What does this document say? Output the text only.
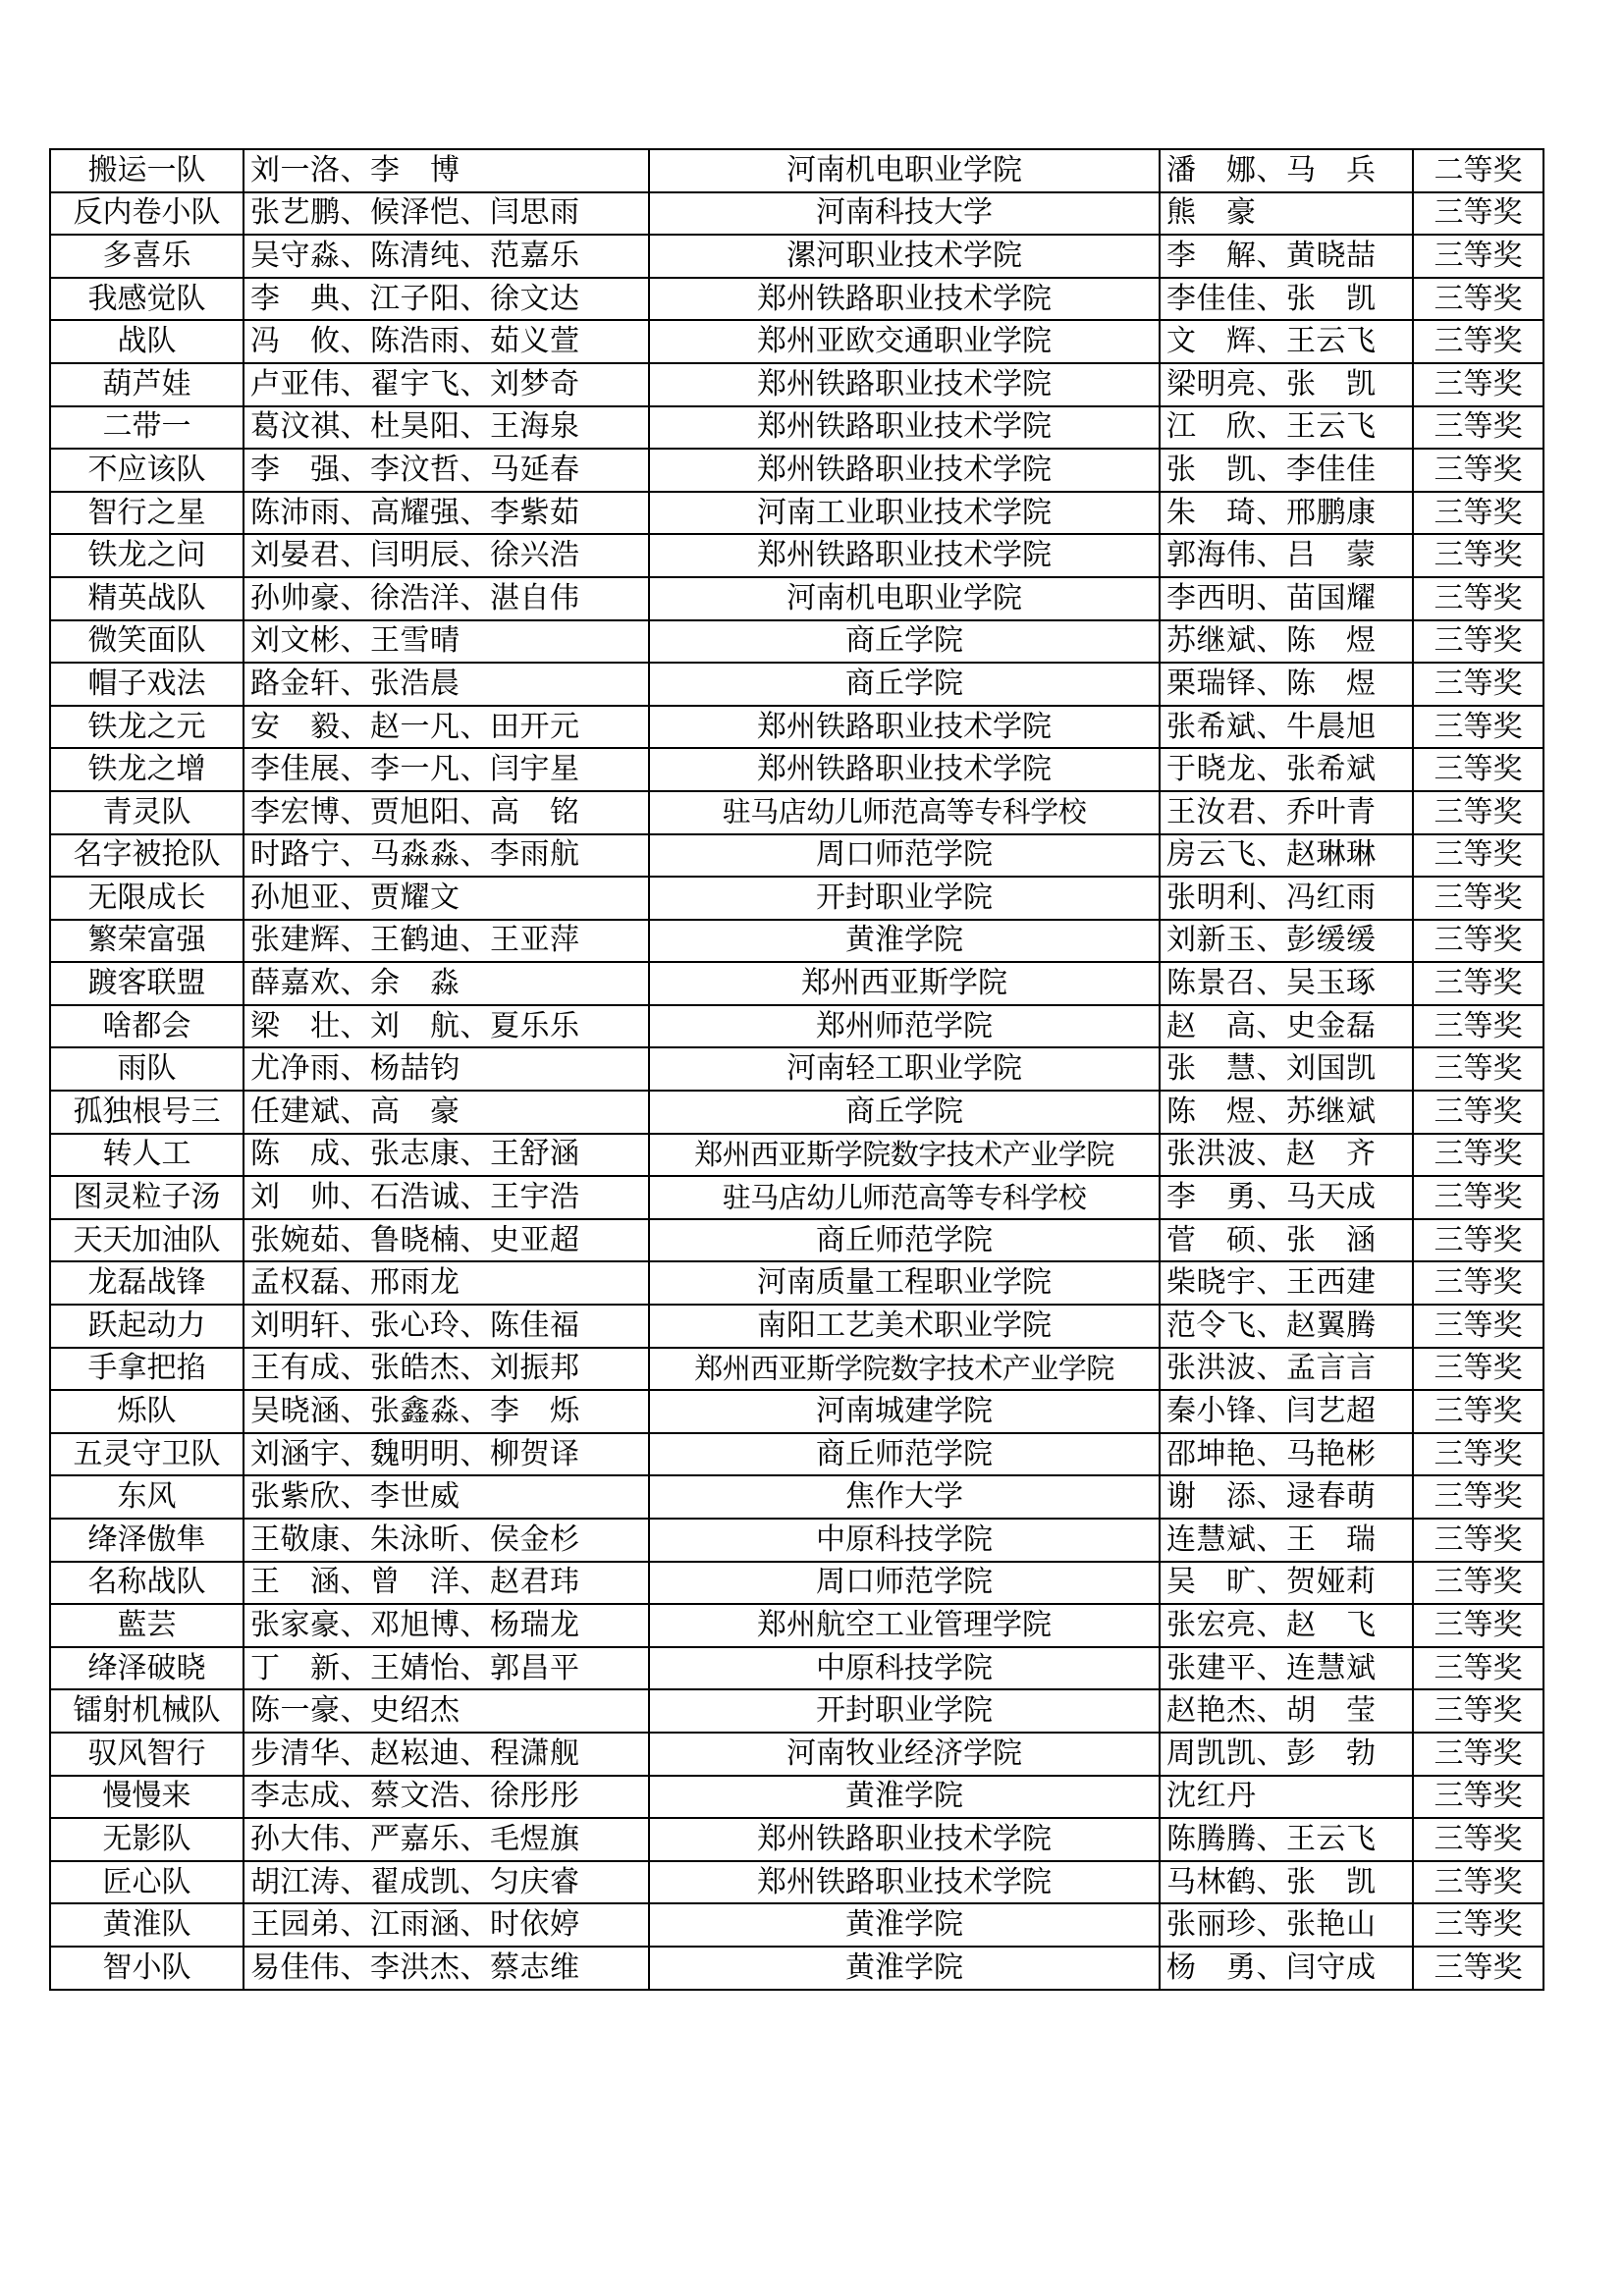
搬运一队	刘一洛、李　博	河南机电职业学院	潘　娜、马　兵	二等奖
反内卷小队	张艺鹏、候泽恺、闫思雨	河南科技大学	熊　豪	三等奖
多喜乐	吴守淼、陈清纯、范嘉乐	漯河职业技术学院	李　解、黄晓喆	三等奖
我感觉队	李　典、江子阳、徐文达	郑州铁路职业技术学院	李佳佳、张　凯	三等奖
战队	冯　攸、陈浩雨、茹义萱	郑州亚欧交通职业学院	文　辉、王云飞	三等奖
葫芦娃	卢亚伟、翟宇飞、刘梦奇	郑州铁路职业技术学院	梁明亮、张　凯	三等奖
二带一	葛汶祺、杜昊阳、王海泉	郑州铁路职业技术学院	江　欣、王云飞	三等奖
不应该队	李　强、李汶哲、马延春	郑州铁路职业技术学院	张　凯、李佳佳	三等奖
智行之星	陈沛雨、高耀强、李紫茹	河南工业职业技术学院	朱　琦、邢鹏康	三等奖
铁龙之问	刘晏君、闫明辰、徐兴浩	郑州铁路职业技术学院	郭海伟、吕　蒙	三等奖
精英战队	孙帅豪、徐浩洋、湛自伟	河南机电职业学院	李西明、苗国耀	三等奖
微笑面队	刘文彬、王雪晴	商丘学院	苏继斌、陈　煜	三等奖
帽子戏法	路金轩、张浩晨	商丘学院	栗瑞铎、陈　煜	三等奖
铁龙之元	安　毅、赵一凡、田开元	郑州铁路职业技术学院	张希斌、牛晨旭	三等奖
铁龙之增	李佳展、李一凡、闫宇星	郑州铁路职业技术学院	于晓龙、张希斌	三等奖
青灵队	李宏博、贾旭阳、高　铭	驻马店幼儿师范高等专科学校	王汝君、乔叶青	三等奖
名字被抢队	时路宁、马淼淼、李雨航	周口师范学院	房云飞、赵琳琳	三等奖
无限成长	孙旭亚、贾耀文	开封职业学院	张明利、冯红雨	三等奖
繁荣富强	张建辉、王鹤迪、王亚萍	黄淮学院	刘新玉、彭缓缓	三等奖
踱客联盟	薛嘉欢、余　淼	郑州西亚斯学院	陈景召、吴玉琢	三等奖
啥都会	梁　壮、刘　航、夏乐乐	郑州师范学院	赵　高、史金磊	三等奖
雨队	尤净雨、杨喆钧	河南轻工职业学院	张　慧、刘国凯	三等奖
孤独根号三	任建斌、高　豪	商丘学院	陈　煜、苏继斌	三等奖
转人工	陈　成、张志康、王舒涵	郑州西亚斯学院数字技术产业学院	张洪波、赵　齐	三等奖
图灵粒子汤	刘　帅、石浩诚、王宇浩	驻马店幼儿师范高等专科学校	李　勇、马天成	三等奖
天天加油队	张婉茹、鲁晓楠、史亚超	商丘师范学院	菅　硕、张　涵	三等奖
龙磊战锋	孟权磊、邢雨龙	河南质量工程职业学院	柴晓宇、王西建	三等奖
跃起动力	刘明轩、张心玲、陈佳福	南阳工艺美术职业学院	范令飞、赵翼腾	三等奖
手拿把掐	王有成、张皓杰、刘振邦	郑州西亚斯学院数字技术产业学院	张洪波、孟言言	三等奖
烁队	吴晓涵、张鑫淼、李　烁	河南城建学院	秦小锋、闫艺超	三等奖
五灵守卫队	刘涵宇、魏明明、柳贺译	商丘师范学院	邵坤艳、马艳彬	三等奖
东风	张紫欣、李世威	焦作大学	谢　添、逯春萌	三等奖
绛泽傲隼	王敬康、朱泳昕、侯金杉	中原科技学院	连慧斌、王　瑞	三等奖
名称战队	王　涵、曾　洋、赵君玮	周口师范学院	吴　旷、贺娅莉	三等奖
藍芸	张家豪、邓旭博、杨瑞龙	郑州航空工业管理学院	张宏亮、赵　飞	三等奖
绛泽破晓	丁　新、王婧怡、郭昌平	中原科技学院	张建平、连慧斌	三等奖
镭射机械队	陈一豪、史绍杰	开封职业学院	赵艳杰、胡　莹	三等奖
驭风智行	步清华、赵崧迪、程潇舰	河南牧业经济学院	周凯凯、彭　勃	三等奖
慢慢来	李志成、蔡文浩、徐彤彤	黄淮学院	沈红丹	三等奖
无影队	孙大伟、严嘉乐、毛煜旗	郑州铁路职业技术学院	陈腾腾、王云飞	三等奖
匠心队	胡江涛、翟成凯、匀庆睿	郑州铁路职业技术学院	马林鹤、张　凯	三等奖
黄淮队	王园弟、江雨涵、时依婷	黄淮学院	张丽珍、张艳山	三等奖
智小队	易佳伟、李洪杰、蔡志维	黄淮学院	杨　勇、闫守成	三等奖
